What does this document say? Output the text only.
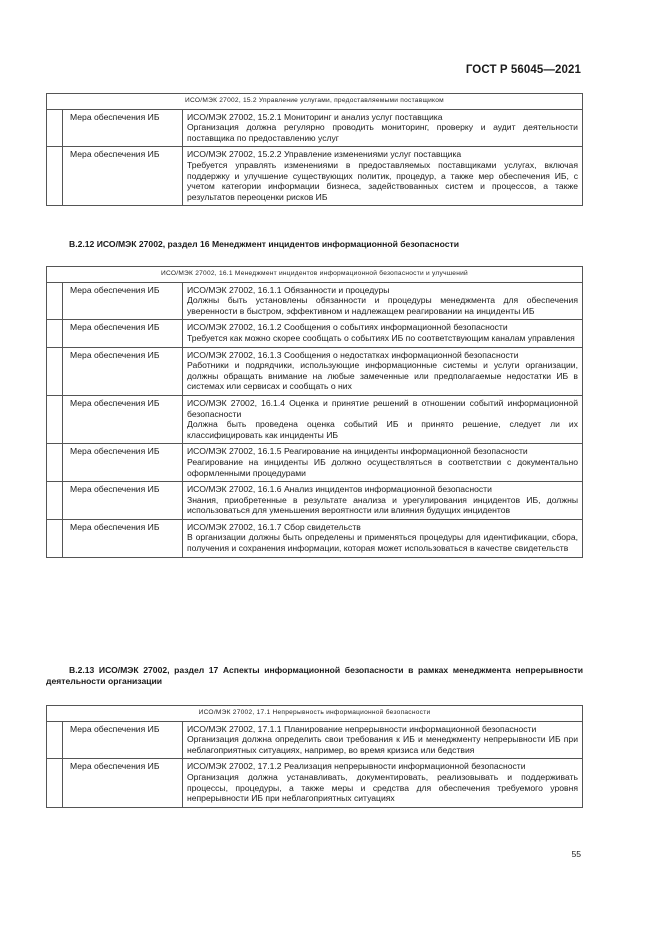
ГОСТ Р 56045—2021
ИСО/МЭК 27002, 15.2 Управление услугами, предоставляемыми поставщиком		
	Мера обеспечения ИБ	ИСО/МЭК 27002, 15.2.1 Мониторинг и анализ услуг поставщика
Организация должна регулярно проводить мониторинг, проверку и аудит деятельности поставщика по предоставлению услуг

	Мера обеспечения ИБ	ИСО/МЭК 27002, 15.2.2 Управление изменениями услуг поставщика
Требуется управлять изменениями в предоставляемых поставщиками услугах, включая поддержку и улучшение существующих политик, процедур, а также мер обеспечения ИБ, с учетом категории информации бизнеса, задействованных систем и процессов, а также результатов переоценки рисков ИБ
B.2.12 ИСО/МЭК 27002, раздел 16 Менеджмент инцидентов информационной безопасности
ИСО/МЭК 27002, 16.1 Менеджмент инцидентов информационной безопасности и улучшений		
	Мера обеспечения ИБ	ИСО/МЭК 27002, 16.1.1 Обязанности и процедуры
Должны быть установлены обязанности и процедуры менеджмента для обеспечения уверенности в быстром, эффективном и надлежащем реагировании на инциденты ИБ

	Мера обеспечения ИБ	ИСО/МЭК 27002, 16.1.2 Сообщения о событиях информационной безопасности
Требуется как можно скорее сообщать о событиях ИБ по соответствующим каналам управления

	Мера обеспечения ИБ	ИСО/МЭК 27002, 16.1.3 Сообщения о недостатках информационной безопасности
Работники и подрядчики, использующие информационные системы и услуги организации, должны обращать внимание на любые замеченные или предполагаемые недостатки ИБ в системах или сервисах и сообщать о них

	Мера обеспечения ИБ	ИСО/МЭК 27002, 16.1.4 Оценка и принятие решений в отношении событий информационной безопасности
Должна быть проведена оценка событий ИБ и принято решение, следует ли их классифицировать как инциденты ИБ

	Мера обеспечения ИБ	ИСО/МЭК 27002, 16.1.5 Реагирование на инциденты информационной безопасности
Реагирование на инциденты ИБ должно осуществляться в соответствии с документально оформленными процедурами

	Мера обеспечения ИБ	ИСО/МЭК 27002, 16.1.6 Анализ инцидентов информационной безопасности
Знания, приобретенные в результате анализа и урегулирования инцидентов ИБ, должны использоваться для уменьшения вероятности или влияния будущих инцидентов

	Мера обеспечения ИБ	ИСО/МЭК 27002, 16.1.7 Сбор свидетельств
В организации должны быть определены и применяться процедуры для идентификации, сбора, получения и сохранения информации, которая может использоваться в качестве свидетельств
B.2.13 ИСО/МЭК 27002, раздел 17 Аспекты информационной безопасности в рамках менеджмента непрерывности деятельности организации
ИСО/МЭК 27002, 17.1 Непрерывность информационной безопасности		
	Мера обеспечения ИБ	ИСО/МЭК 27002, 17.1.1 Планирование непрерывности информационной безопасности
Организация должна определить свои требования к ИБ и менеджменту непрерывности ИБ при неблагоприятных ситуациях, например, во время кризиса или бедствия

	Мера обеспечения ИБ	ИСО/МЭК 27002, 17.1.2 Реализация непрерывности информационной безопасности
Организация должна устанавливать, документировать, реализовывать и поддерживать процессы, процедуры, а также меры и средства для обеспечения требуемого уровня непрерывности ИБ при неблагоприятных ситуациях
55
